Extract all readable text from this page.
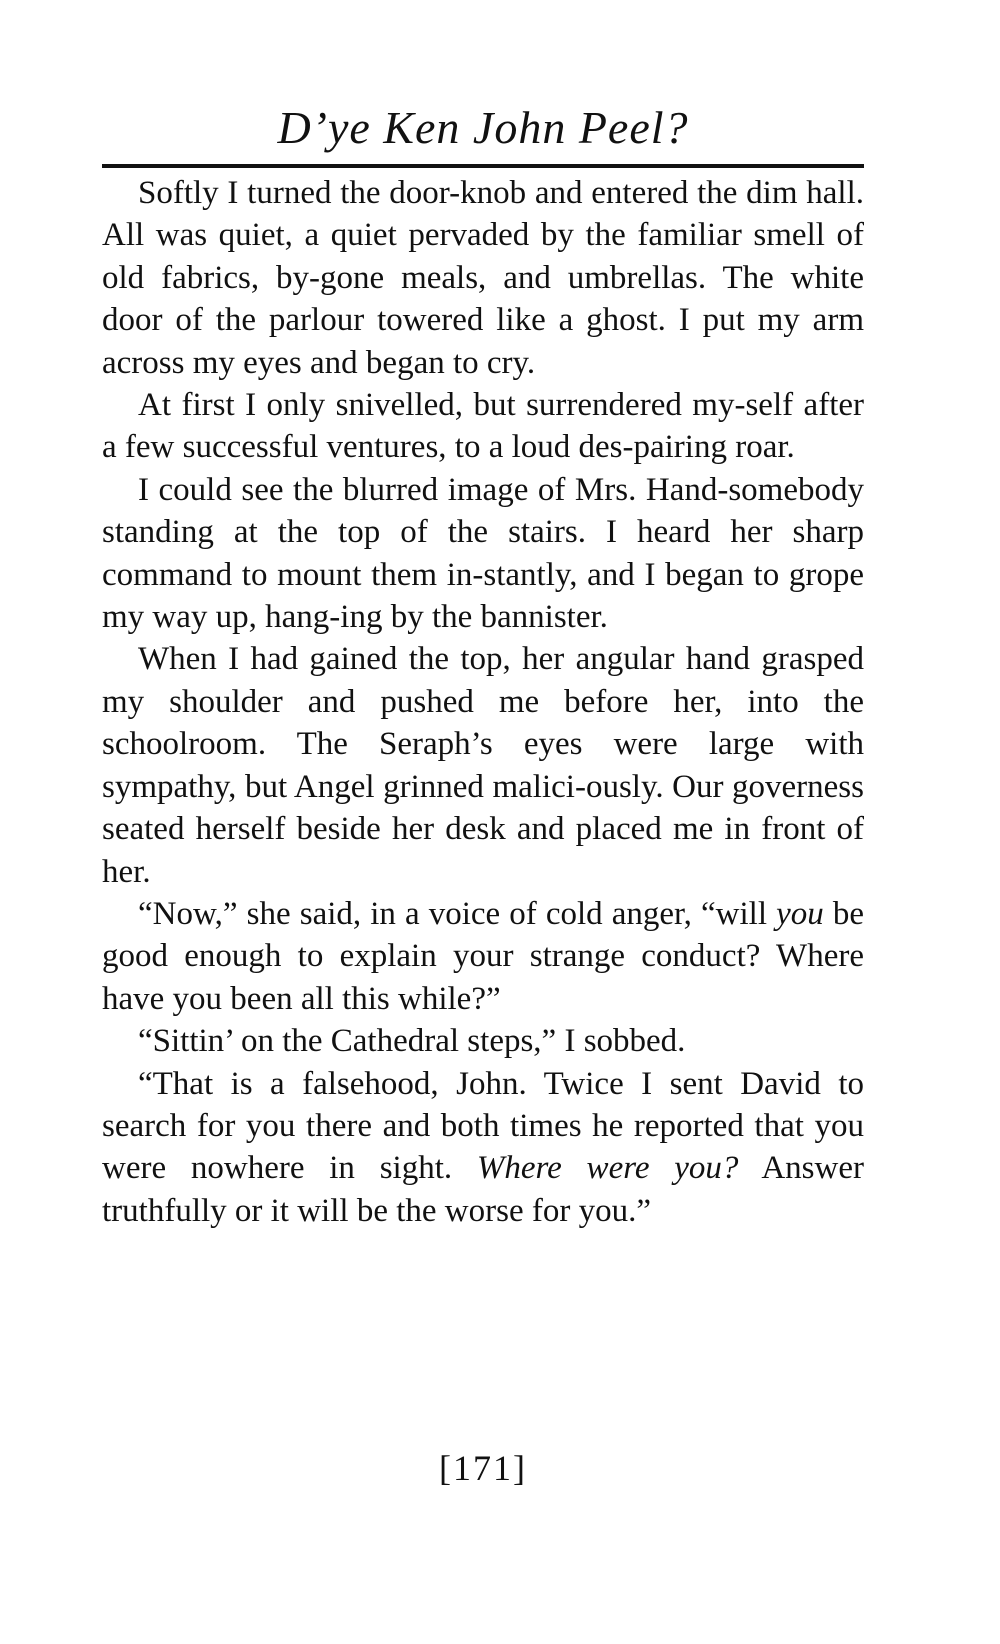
D’ye Ken John Peel?

Softly I turned the door-knob and entered the dim hall. All was quiet, a quiet pervaded by the familiar smell of old fabrics, by-gone meals, and umbrellas. The white door of the parlour towered like a ghost. I put my arm across my eyes and began to cry.

At first I only snivelled, but surrendered my-self after a few successful ventures, to a loud des-pairing roar.

I could see the blurred image of Mrs. Hand-somebody standing at the top of the stairs. I heard her sharp command to mount them in-stantly, and I began to grope my way up, hang-ing by the bannister.

When I had gained the top, her angular hand grasped my shoulder and pushed me before her, into the schoolroom. The Seraph’s eyes were large with sympathy, but Angel grinned malici-ously. Our governess seated herself beside her desk and placed me in front of her.

“Now,” she said, in a voice of cold anger, “will you be good enough to explain your strange conduct? Where have you been all this while?”

“Sittin’ on the Cathedral steps,” I sobbed.

“That is a falsehood, John. Twice I sent David to search for you there and both times he reported that you were nowhere in sight. Where were you? Answer truthfully or it will be the worse for you.”

[171]
